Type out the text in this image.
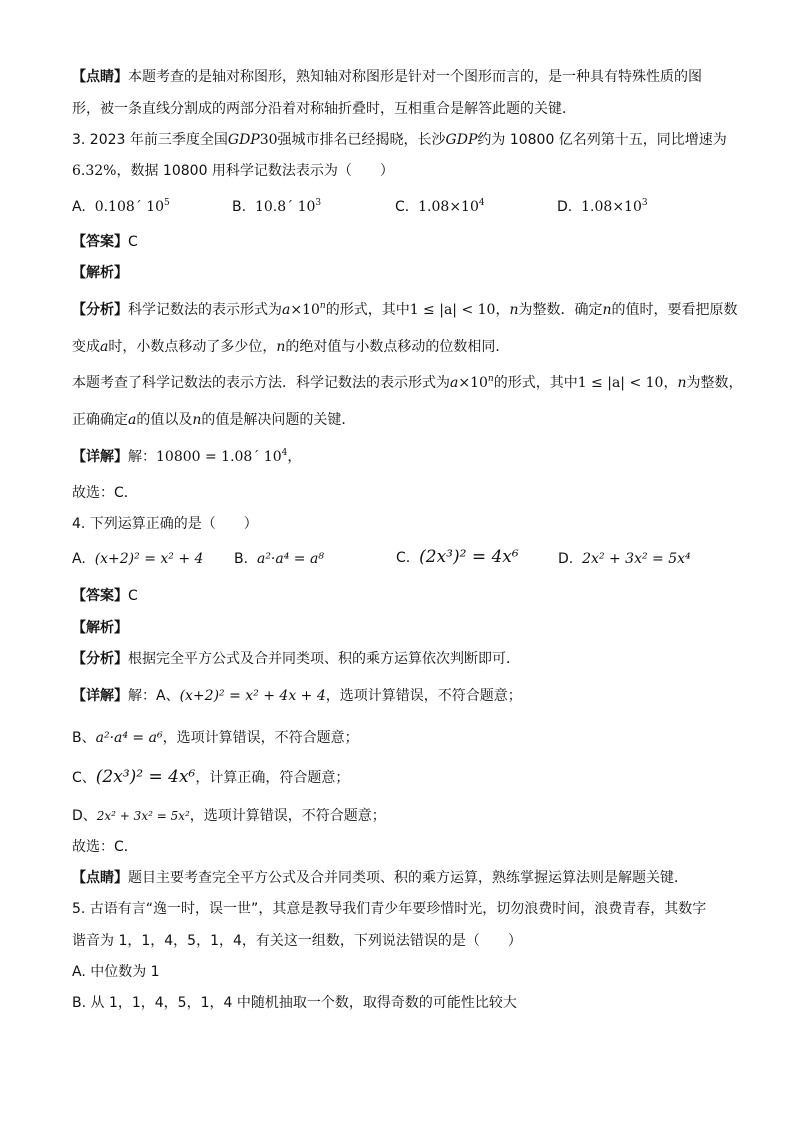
【点睛】本题考查的是轴对称图形，熟知轴对称图形是针对一个图形而言的，是一种具有特殊性质的图
形，被一条直线分割成的两部分沿着对称轴折叠时，互相重合是解答此题的关键．
3. 2023 年前三季度全国GDP30强城市排名已经揭晓，长沙GDP约为 10800 亿名列第十五，同比增速为
6.32%，数据 10800 用科学记数法表示为（　　）
A. 0.108´ $10^5$	B. 10.8´ $10^3$	C. $1.08\times 10^4$	D. $1.08\times 10^3$
【答案】C
【解析】
【分析】科学记数法的表示形式为$a\times 10^n$的形式，其中1 ≤ |a| < 10，n为整数．确定n的值时，要看把原数
变成a时，小数点移动了多少位，n的绝对值与小数点移动的位数相同．
本题考查了科学记数法的表示方法．科学记数法的表示形式为$a\times 10^n$的形式，其中1 ≤ |a| < 10，n为整数，
正确确定a的值以及n的值是解决问题的关键．
【详解】解：10800 = 1.08´ $10^4$，
故选：C．
4. 下列运算正确的是（　　）
A. (x+2)² = x² + 4 B. a²·a⁴ = a⁸	C. (2x³)² = 4x⁶	D. 2x² + 3x² = 5x⁴
【答案】C
【解析】
【分析】根据完全平方公式及合并同类项、积的乘方运算依次判断即可．
【详解】解：A、(x+2)² = x² + 4x + 4，选项计算错误，不符合题意；
B、a²·a⁴ = a⁶，选项计算错误，不符合题意；
C、(2x³)² = 4x⁶，计算正确，符合题意；
D、2x² + 3x² = 5x²，选项计算错误，不符合题意；
故选：C．
【点睛】题目主要考查完全平方公式及合并同类项、积的乘方运算，熟练掌握运算法则是解题关键．
5. 古语有言“逸一时，误一世”，其意是教导我们青少年要珍惜时光，切勿浪费时间，浪费青春，其数字
谐音为 1，1，4，5，1，4，有关这一组数，下列说法错误的是（　　）
A. 中位数为 1
B. 从 1，1，4，5，1，4 中随机抽取一个数，取得奇数的可能性比较大
